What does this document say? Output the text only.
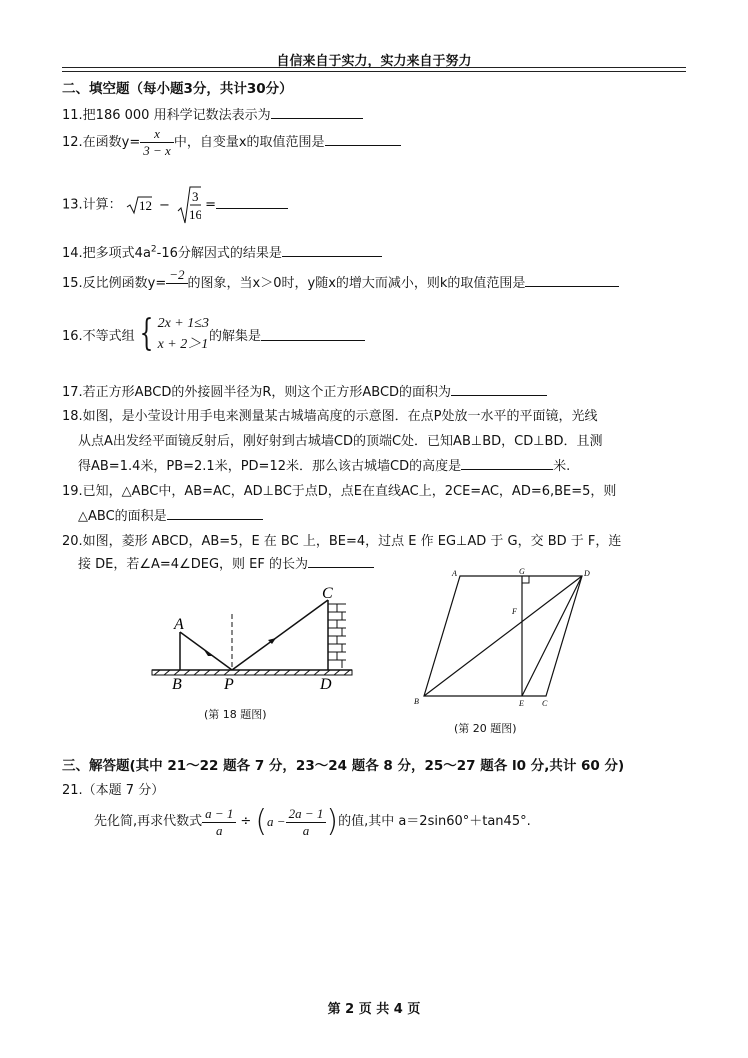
自信来自于实力，实力来自于努力
二、填空题（每小题3分，共计30分）
11.把186 000 用科学记数法表示为
12.在函数$y= \frac{x}{3 - x}$ 中，自变量x的取值范围是
13.计算： 12 −
3
16
=
14.把多项式$4a^2-16$分解因式的结果是
15.反比例函数y=
−2
的图象，当x＞0时，y随x的增大而减小，则k的取值范围是
16.不等式组 { 2x + 1≤3
x + 2＞1
的解集是
17.若正方形ABCD的外接圆半径为R，则这个正方形ABCD的面积为
18.如图，是小莹设计用手电来测量某古城墙高度的示意图．在点P处放一水平的平面镜，光线
从点A出发经平面镜反射后，刚好射到古城墙CD的顶端C处．已知AB⊥BD，CD⊥BD．且测
得AB=1.4米，PB=2.1米，PD=12米．那么该古城墙CD的高度是	米.
19.已知，△ABC中，AB=AC，AD⊥BC于点D，点E在直线AC上，2CE=AC，AD=6,BE=5，则
△ABC的面积是
20.如图，菱形 ABCD，AB=5，E 在 BC 上，BE=4，过点 E 作 EG⊥AD 于 G，交 BD 于 F，连
接 DE，若∠A=4∠DEG，则 EF 的长为
A
B	P
C
D
(第 18 题图)
A	G	D
F
B	E C
(第 20 题图)
三、解答题(其中 21～22 题各 7 分，23～24 题各 8 分，25～27 题各 l0 分,共计 60 分)
21.（本题 7 分）
先化简,再求代数式 $\frac{a - 1}{a} \div (a - \frac{2a - 1}{a}$ )的值,其中 a＝2sin60°＋tan45°.
第 2 页 共 4 页
